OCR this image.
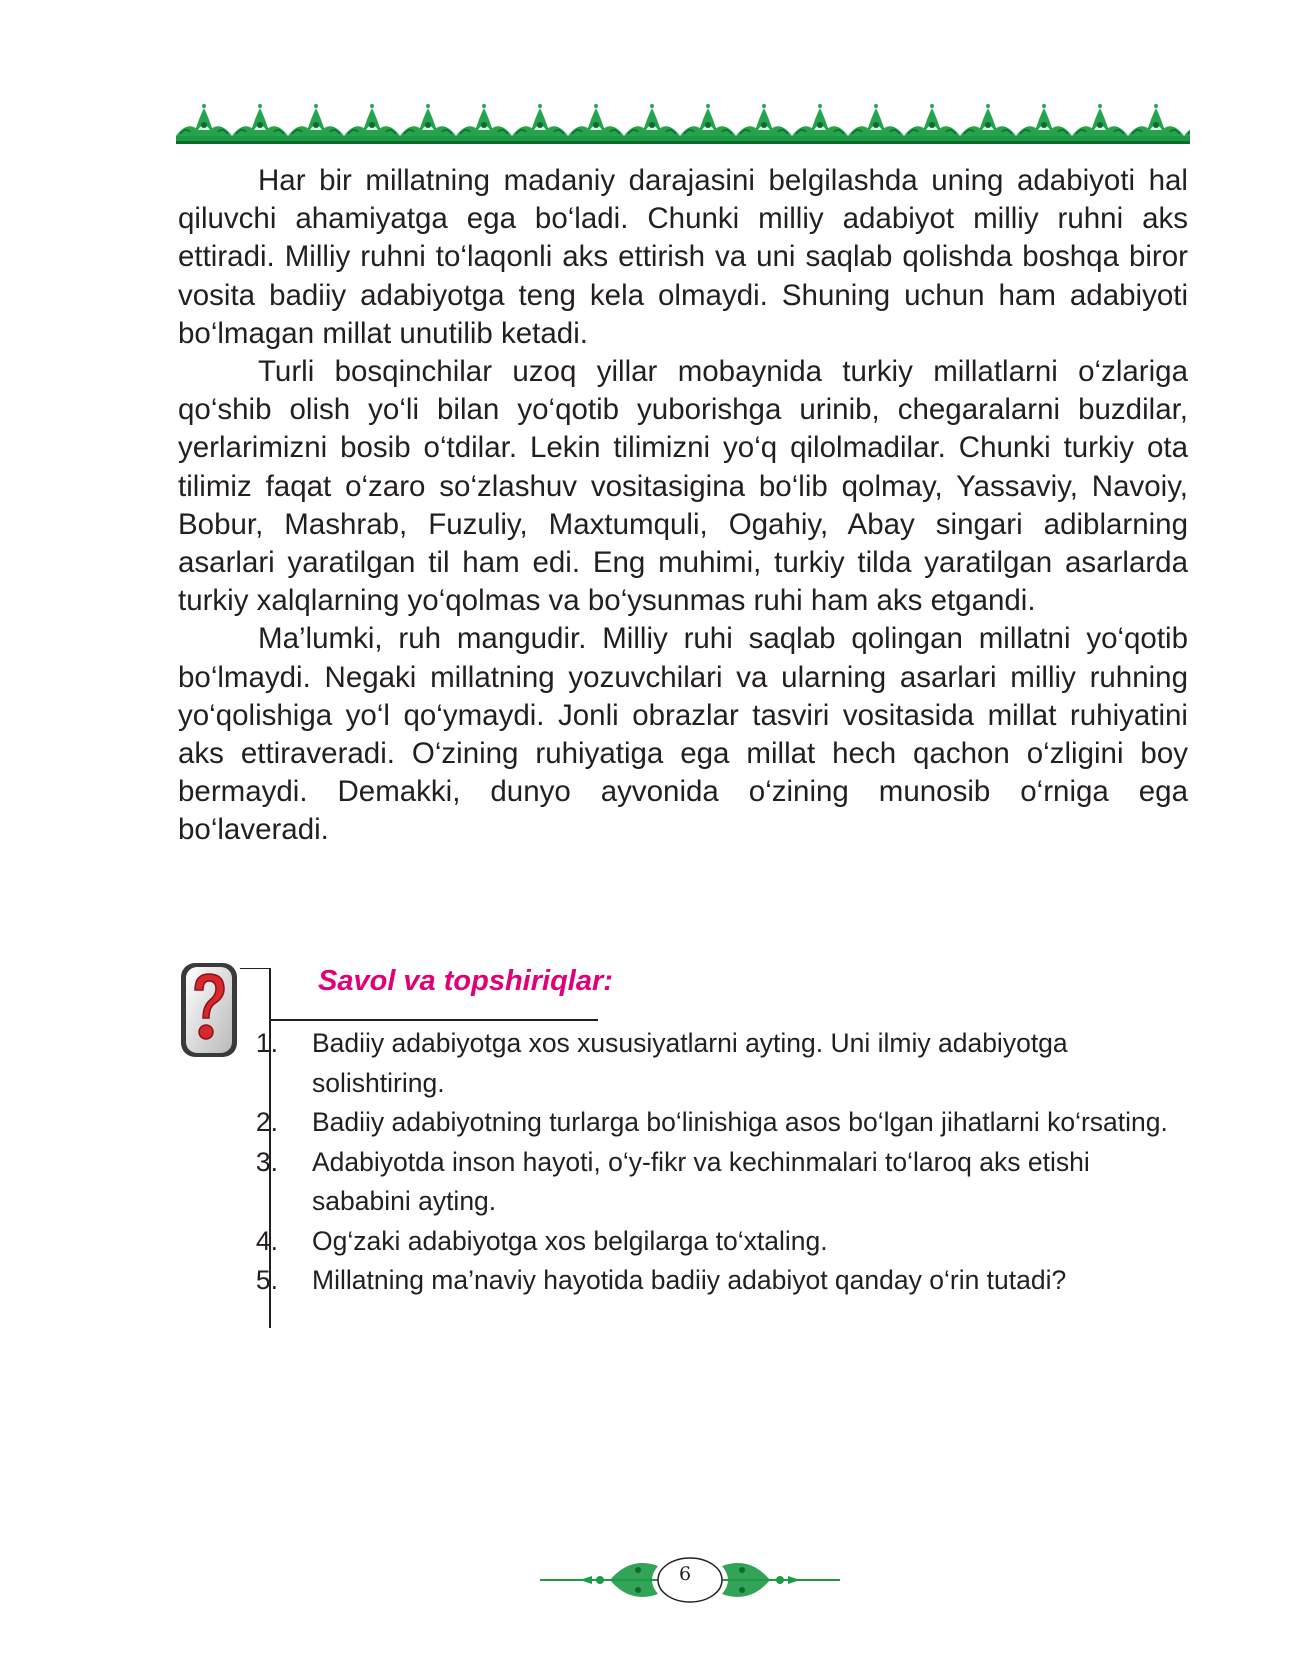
Har bir millatning madaniy darajasini belgilashda uning adabiyoti hal qiluvchi ahamiyatga ega bo‘ladi. Chunki milliy adabiyot milliy ruhni aks ettiradi. Milliy ruhni to‘laqonli aks ettirish va uni saqlab qolishda boshqa biror vosita badiiy adabiyotga teng kela olmaydi. Shuning uchun ham adabiyoti bo‘lmagan millat unutilib ketadi.

Turli bosqinchilar uzoq yillar mobaynida turkiy millatlarni o‘zlariga qo‘shib olish yo‘li bilan yo‘qotib yuborishga urinib, chegaralarni buzdilar, yerlarimizni bosib o‘tdilar. Lekin tilimizni yo‘q qilolmadilar. Chunki turkiy ota tilimiz faqat o‘zaro so‘zlashuv vositasigina bo‘lib qolmay, Yassaviy, Navoiy, Bobur, Mashrab, Fuzuliy, Maxtumquli, Ogahiy, Abay singari adiblarning asarlari yaratilgan til ham edi. Eng muhimi, turkiy tilda yaratilgan asarlarda turkiy xalqlarning yo‘qolmas va bo‘ysunmas ruhi ham aks etgandi.

Ma’lumki, ruh mangudir. Milliy ruhi saqlab qolingan millatni yo‘qotib bo‘lmaydi. Negaki millatning yozuvchilari va ularning asarlari milliy ruhning yo‘qolishiga yo‘l qo‘ymaydi. Jonli obrazlar tasviri vositasida millat ruhiyatini aks ettiraveradi. O‘zining ruhiyatiga ega millat hech qachon o‘zligini boy bermaydi. Demakki, dunyo ayvonida o‘zining munosib o‘rniga ega bo‘laveradi.

Savol va topshiriqlar:
1. Badiiy adabiyotga xos xususiyatlarni ayting. Uni ilmiy adabiyotga solishtiring.
2. Badiiy adabiyotning turlarga bo‘linishiga asos bo‘lgan jihatlarni ko‘rsating.
3. Adabiyotda inson hayoti, o‘y-fikr va kechinmalari to‘laroq aks etishi sababini ayting.
4. Og‘zaki adabiyotga xos belgilarga to‘xtaling.
5. Millatning ma’naviy hayotida badiiy adabiyot qanday o‘rin tutadi?
6
